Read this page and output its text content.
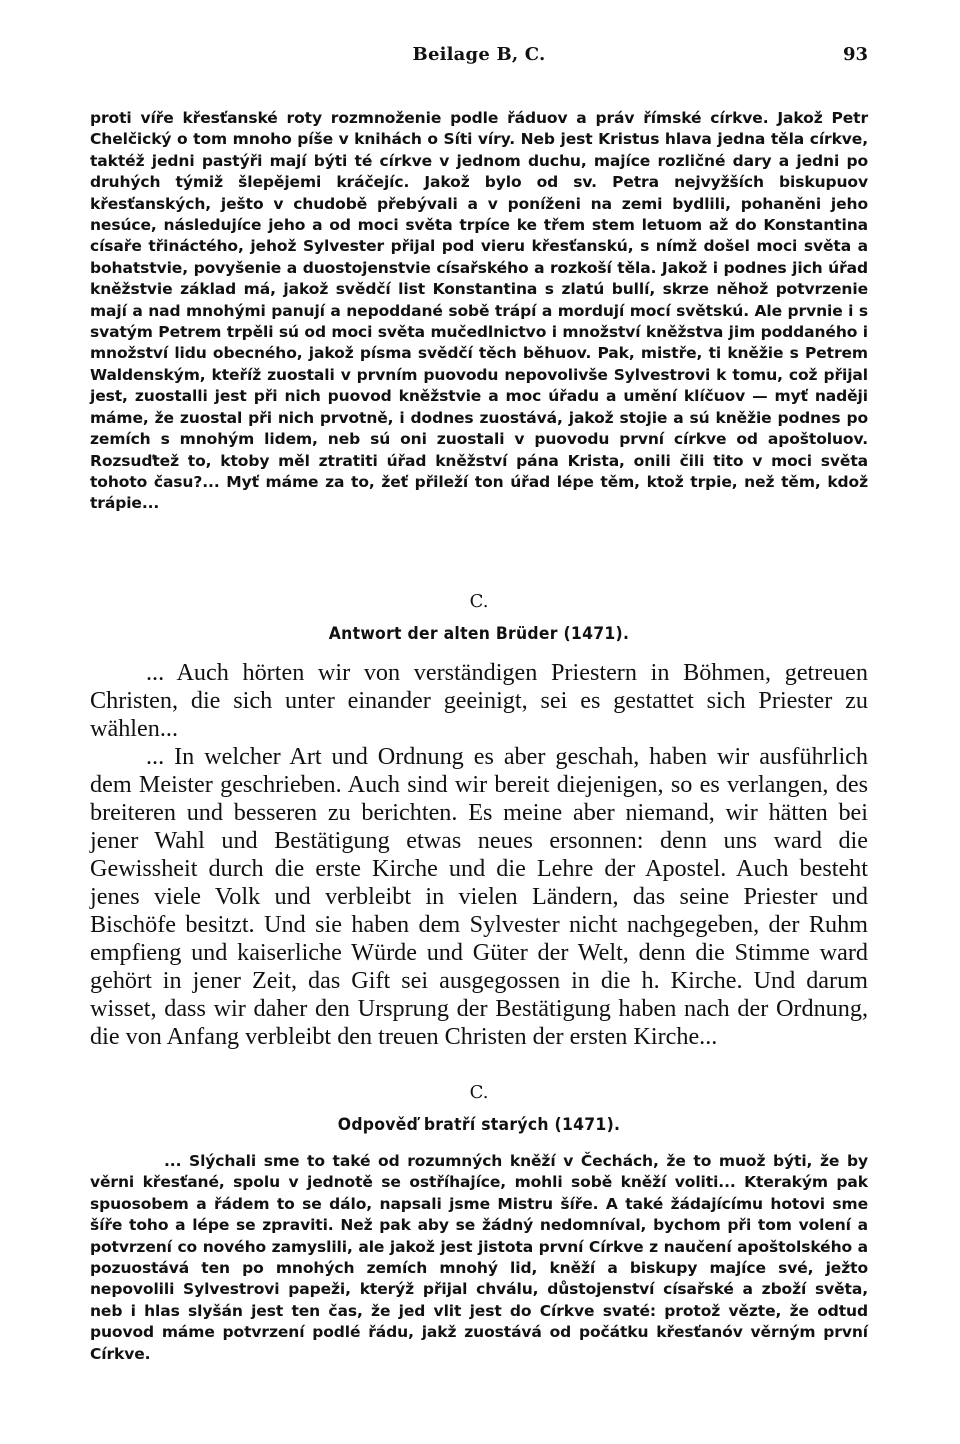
Beilage B, C.	93

proti víře křesťanské roty rozmnoženie podle řáduov a práv římské církve. Jakož Petr Chelčický o tom mnoho píše v knihách o Síti víry. Neb jest Kristus hlava jedna těla církve, taktéž jedni pastýři mají býti té církve v jednom duchu, majíce rozličné dary a jedni po druhých týmiž šlepějemi kráčejíc. Jakož bylo od sv. Petra nejvyžších biskupuov křesťanských, ješto v chudobě přebývali a v poníženi na zemi bydlili, pohaněni jeho nesúce, následujíce jeho a od moci světa trpíce ke třem stem letuom až do Konstantina císaře třináctého, jehož Sylvester přijal pod vieru křesťanskú, s nímž došel moci světa a bohatstvie, povyšenie a duostojenstvie císařského a rozkoší těla. Jakož i podnes jich úřad kněžstvie základ má, jakož svědčí list Konstantina s zlatú bullí, skrze něhož potvrzenie mají a nad mnohými panují a nepoddané sobě trápí a mordují mocí světskú. Ale prvnie i s svatým Petrem trpěli sú od moci světa mučedlnictvo i množství kněžstva jim poddaného i množství lidu obecného, jakož písma svědčí těch běhuov. Pak, mistře, ti kněžie s Petrem Waldenským, kteříž zuostali v prvním puovodu nepovolivše Sylvestrovi k tomu, což přijal jest, zuostalli jest při nich puovod kněžstvie a moc úřadu a umění klíčuov — myť naději máme, že zuostal při nich prvotně, i dodnes zuostává, jakož stojie a sú kněžie podnes po zemích s mnohým lidem, neb sú oni zuostali v puovodu první církve od apoštoluov. Rozsuďtež to, ktoby měl ztratiti úřad kněžství pána Krista, onili čili tito v moci světa tohoto času?... Myť máme za to, žeť přileží ton úřad lépe těm, ktož trpie, než těm, kdož trápie...

C.
Antwort der alten Brüder (1471).

... Auch hörten wir von verständigen Priestern in Böhmen, getreuen Christen, die sich unter einander geeinigt, sei es gestattet sich Priester zu wählen...

... In welcher Art und Ordnung es aber geschah, haben wir ausführlich dem Meister geschrieben. Auch sind wir bereit diejenigen, so es verlangen, des breiteren und besseren zu berichten. Es meine aber niemand, wir hätten bei jener Wahl und Bestätigung etwas neues ersonnen: denn uns ward die Gewissheit durch die erste Kirche und die Lehre der Apostel. Auch besteht jenes viele Volk und verbleibt in vielen Ländern, das seine Priester und Bischöfe besitzt. Und sie haben dem Sylvester nicht nachgegeben, der Ruhm empfieng und kaiserliche Würde und Güter der Welt, denn die Stimme ward gehört in jener Zeit, das Gift sei ausgegossen in die h. Kirche. Und darum wisset, dass wir daher den Ursprung der Bestätigung haben nach der Ordnung, die von Anfang verbleibt den treuen Christen der ersten Kirche...

C.
Odpověď bratří starých (1471).

... Slýchali sme to také od rozumných kněží v Čechách, že to muož býti, že by věrni křesťané, spolu v jednotě se ostříhajíce, mohli sobě kněží voliti... Kterakým pak spuosobem a řádem to se dálo, napsali jsme Mistru šíře. A také žádajícímu hotovi sme šíře toho a lépe se zpraviti. Než pak aby se žádný nedomníval, bychom při tom volení a potvrzení co nového zamyslili, ale jakož jest jistota první Církve z naučení apoštolského a pozuostává ten po mnohých zemích mnohý lid, kněží a biskupy majíce své, ježto nepovolili Sylvestrovi papeži, kterýž přijal chválu, důstojenství císařské a zboží světa, neb i hlas slyšán jest ten čas, že jed vlit jest do Církve svaté: protož vězte, že odtud puovod máme potvrzení podlé řádu, jakž zuostává od počátku křesťanóv věrným první Církve.
